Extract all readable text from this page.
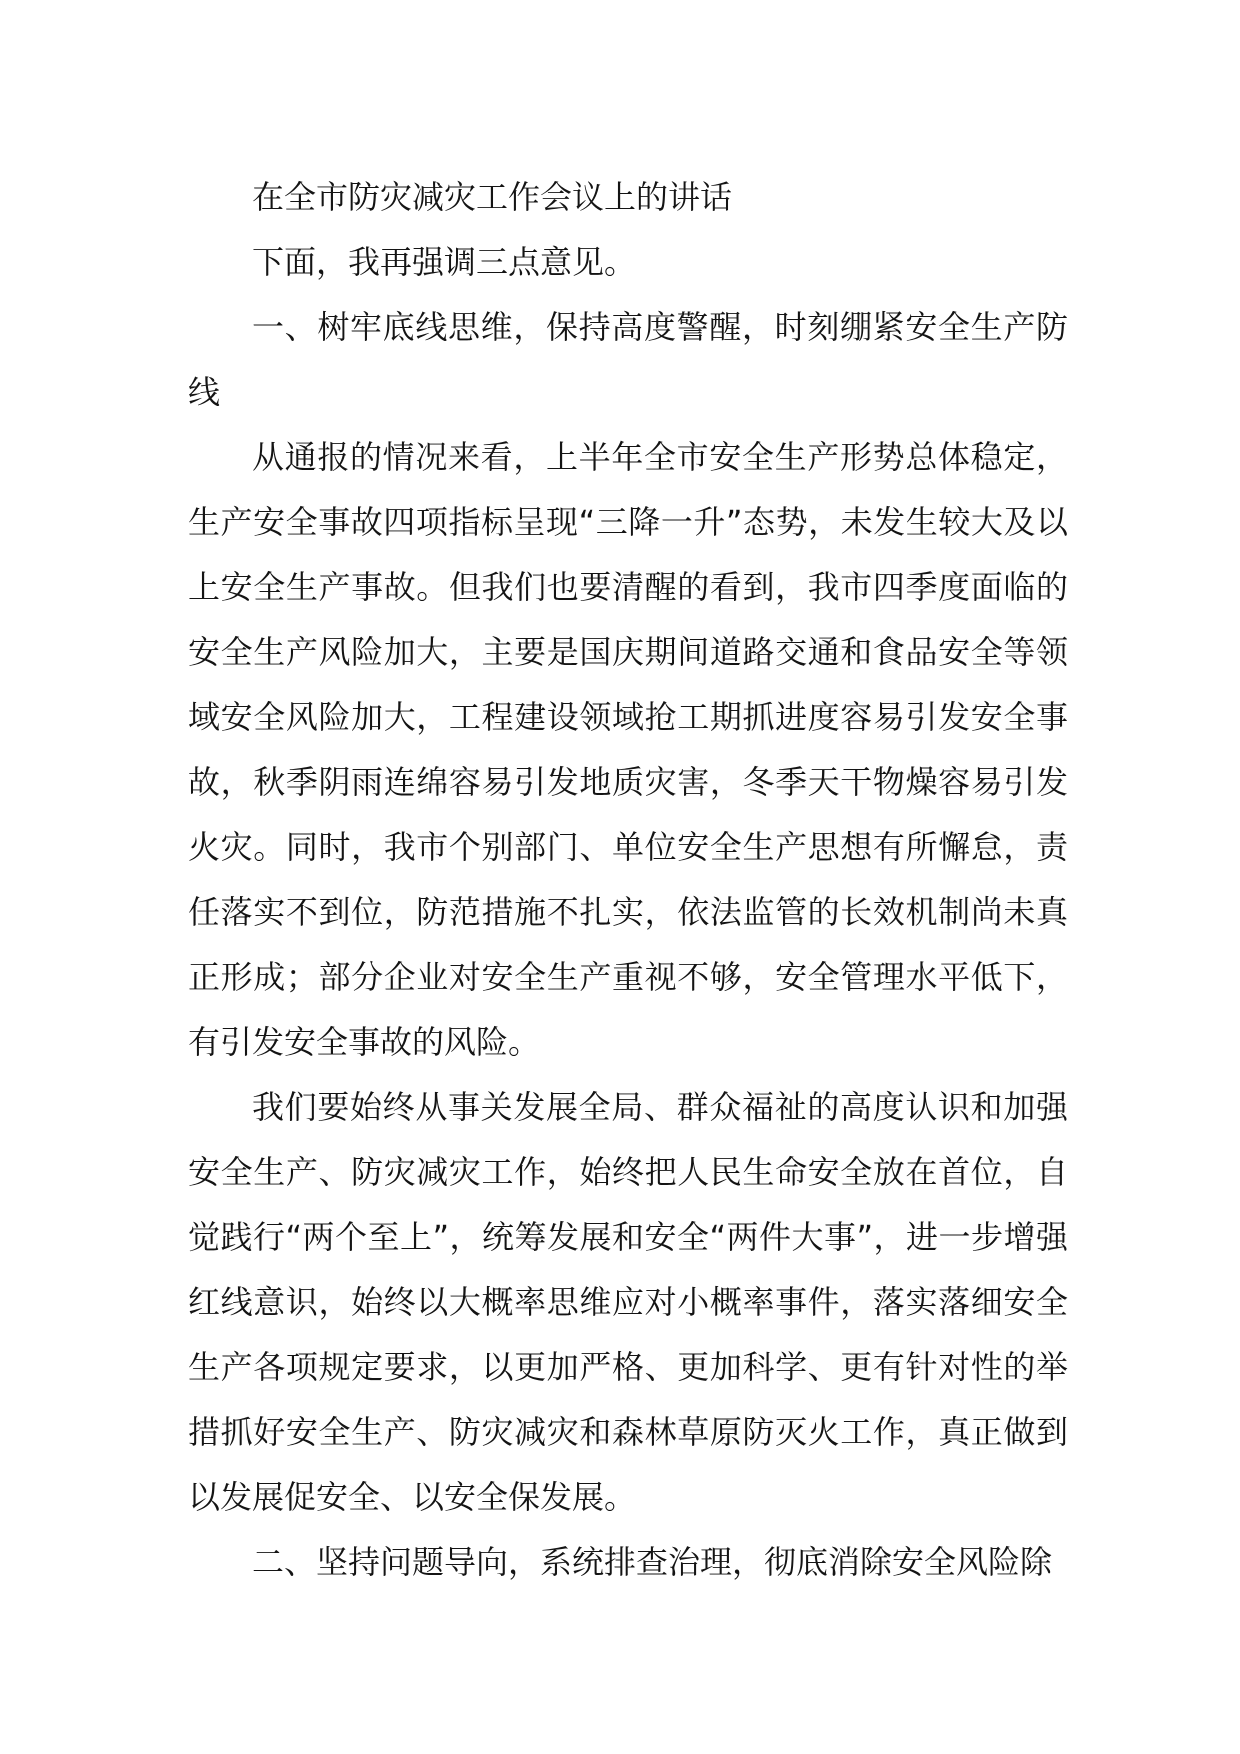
在全市防灾减灾工作会议上的讲话

下面，我再强调三点意见。

一、树牢底线思维，保持高度警醒，时刻绷紧安全生产防线

从通报的情况来看，上半年全市安全生产形势总体稳定，生产安全事故四项指标呈现“三降一升”态势，未发生较大及以上安全生产事故。但我们也要清醒的看到，我市四季度面临的安全生产风险加大，主要是国庆期间道路交通和食品安全等领域安全风险加大，工程建设领域抢工期抓进度容易引发安全事故，秋季阴雨连绵容易引发地质灾害，冬季天干物燥容易引发火灾。同时，我市个别部门、单位安全生产思想有所懈怠，责任落实不到位，防范措施不扎实，依法监管的长效机制尚未真正形成；部分企业对安全生产重视不够，安全管理水平低下，有引发安全事故的风险。

我们要始终从事关发展全局、群众福祉的高度认识和加强安全生产、防灾减灾工作，始终把人民生命安全放在首位，自觉践行“两个至上”，统筹发展和安全“两件大事”，进一步增强红线意识，始终以大概率思维应对小概率事件，落实落细安全生产各项规定要求，以更加严格、更加科学、更有针对性的举措抓好安全生产、防灾减灾和森林草原防灭火工作，真正做到以发展促安全、以安全保发展。

二、坚持问题导向，系统排查治理，彻底消除安全风险除
